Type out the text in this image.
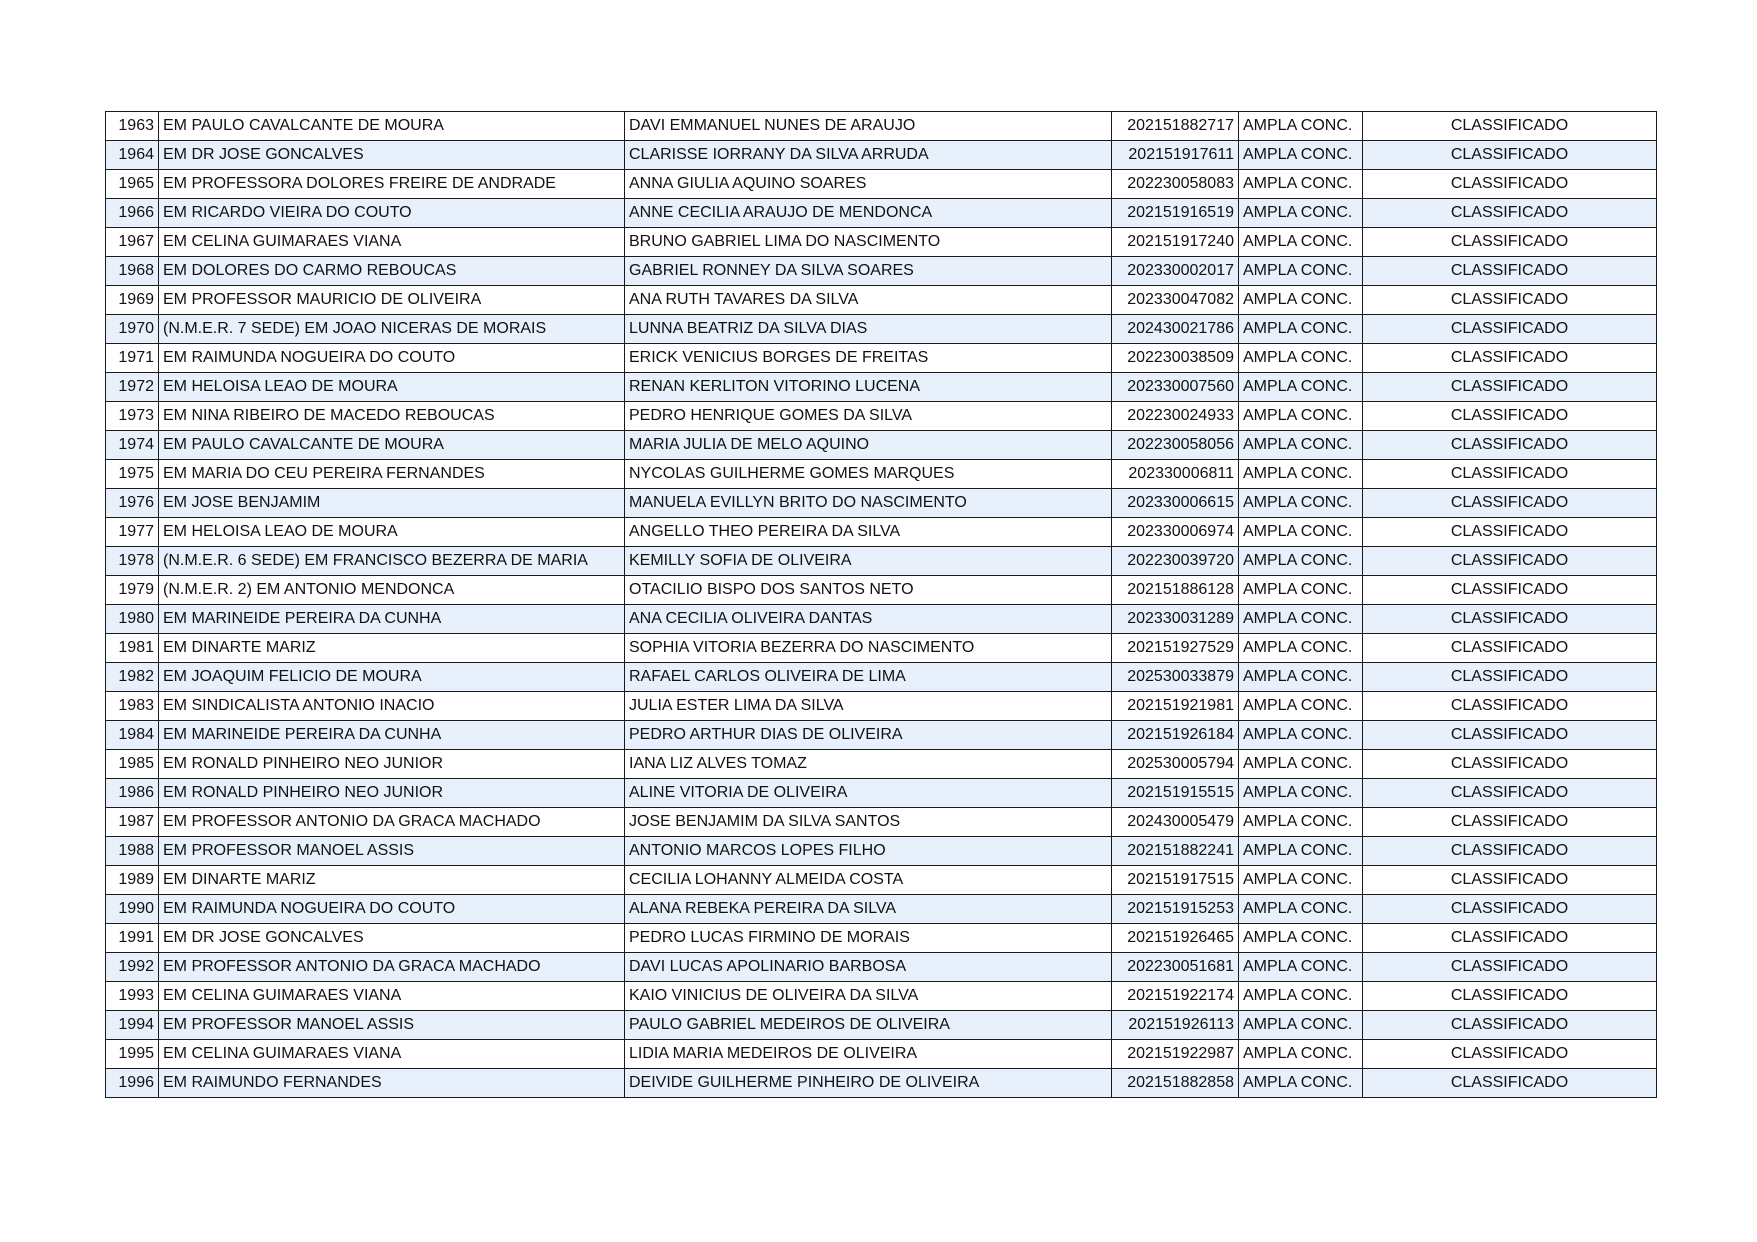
1963	EM PAULO CAVALCANTE DE MOURA	DAVI EMMANUEL NUNES DE ARAUJO	202151882717	AMPLA CONC.	CLASSIFICADO
1964	EM DR JOSE GONCALVES	CLARISSE IORRANY DA SILVA ARRUDA	202151917611	AMPLA CONC.	CLASSIFICADO
1965	EM PROFESSORA DOLORES FREIRE DE ANDRADE	ANNA GIULIA AQUINO SOARES	202230058083	AMPLA CONC.	CLASSIFICADO
1966	EM RICARDO VIEIRA DO COUTO	ANNE CECILIA ARAUJO DE MENDONCA	202151916519	AMPLA CONC.	CLASSIFICADO
1967	EM CELINA GUIMARAES VIANA	BRUNO GABRIEL LIMA DO NASCIMENTO	202151917240	AMPLA CONC.	CLASSIFICADO
1968	EM DOLORES DO CARMO REBOUCAS	GABRIEL RONNEY DA SILVA SOARES	202330002017	AMPLA CONC.	CLASSIFICADO
1969	EM PROFESSOR MAURICIO DE OLIVEIRA	ANA RUTH TAVARES DA SILVA	202330047082	AMPLA CONC.	CLASSIFICADO
1970	(N.M.E.R. 7 SEDE) EM JOAO NICERAS DE MORAIS	LUNNA BEATRIZ DA SILVA DIAS	202430021786	AMPLA CONC.	CLASSIFICADO
1971	EM RAIMUNDA NOGUEIRA DO COUTO	ERICK VENICIUS BORGES DE FREITAS	202230038509	AMPLA CONC.	CLASSIFICADO
1972	EM HELOISA LEAO DE MOURA	RENAN KERLITON VITORINO LUCENA	202330007560	AMPLA CONC.	CLASSIFICADO
1973	EM NINA RIBEIRO DE MACEDO REBOUCAS	PEDRO HENRIQUE GOMES DA SILVA	202230024933	AMPLA CONC.	CLASSIFICADO
1974	EM PAULO CAVALCANTE DE MOURA	MARIA JULIA DE MELO AQUINO	202230058056	AMPLA CONC.	CLASSIFICADO
1975	EM MARIA DO CEU PEREIRA FERNANDES	NYCOLAS GUILHERME GOMES MARQUES	202330006811	AMPLA CONC.	CLASSIFICADO
1976	EM JOSE BENJAMIM	MANUELA EVILLYN BRITO DO NASCIMENTO	202330006615	AMPLA CONC.	CLASSIFICADO
1977	EM HELOISA LEAO DE MOURA	ANGELLO THEO PEREIRA DA SILVA	202330006974	AMPLA CONC.	CLASSIFICADO
1978	(N.M.E.R. 6 SEDE) EM FRANCISCO BEZERRA DE MARIA	KEMILLY SOFIA DE OLIVEIRA	202230039720	AMPLA CONC.	CLASSIFICADO
1979	(N.M.E.R. 2) EM ANTONIO MENDONCA	OTACILIO BISPO DOS SANTOS NETO	202151886128	AMPLA CONC.	CLASSIFICADO
1980	EM MARINEIDE PEREIRA DA CUNHA	ANA CECILIA OLIVEIRA DANTAS	202330031289	AMPLA CONC.	CLASSIFICADO
1981	EM DINARTE MARIZ	SOPHIA VITORIA BEZERRA DO NASCIMENTO	202151927529	AMPLA CONC.	CLASSIFICADO
1982	EM JOAQUIM FELICIO DE MOURA	RAFAEL CARLOS OLIVEIRA DE LIMA	202530033879	AMPLA CONC.	CLASSIFICADO
1983	EM SINDICALISTA ANTONIO INACIO	JULIA ESTER LIMA DA SILVA	202151921981	AMPLA CONC.	CLASSIFICADO
1984	EM MARINEIDE PEREIRA DA CUNHA	PEDRO ARTHUR DIAS DE OLIVEIRA	202151926184	AMPLA CONC.	CLASSIFICADO
1985	EM RONALD PINHEIRO NEO JUNIOR	IANA LIZ ALVES TOMAZ	202530005794	AMPLA CONC.	CLASSIFICADO
1986	EM RONALD PINHEIRO NEO JUNIOR	ALINE VITORIA DE OLIVEIRA	202151915515	AMPLA CONC.	CLASSIFICADO
1987	EM PROFESSOR ANTONIO DA GRACA MACHADO	JOSE BENJAMIM DA SILVA SANTOS	202430005479	AMPLA CONC.	CLASSIFICADO
1988	EM PROFESSOR MANOEL ASSIS	ANTONIO MARCOS LOPES FILHO	202151882241	AMPLA CONC.	CLASSIFICADO
1989	EM DINARTE MARIZ	CECILIA LOHANNY ALMEIDA COSTA	202151917515	AMPLA CONC.	CLASSIFICADO
1990	EM RAIMUNDA NOGUEIRA DO COUTO	ALANA REBEKA PEREIRA DA SILVA	202151915253	AMPLA CONC.	CLASSIFICADO
1991	EM DR JOSE GONCALVES	PEDRO LUCAS FIRMINO DE MORAIS	202151926465	AMPLA CONC.	CLASSIFICADO
1992	EM PROFESSOR ANTONIO DA GRACA MACHADO	DAVI LUCAS APOLINARIO BARBOSA	202230051681	AMPLA CONC.	CLASSIFICADO
1993	EM CELINA GUIMARAES VIANA	KAIO VINICIUS DE OLIVEIRA DA SILVA	202151922174	AMPLA CONC.	CLASSIFICADO
1994	EM PROFESSOR MANOEL ASSIS	PAULO GABRIEL MEDEIROS DE OLIVEIRA	202151926113	AMPLA CONC.	CLASSIFICADO
1995	EM CELINA GUIMARAES VIANA	LIDIA MARIA MEDEIROS DE OLIVEIRA	202151922987	AMPLA CONC.	CLASSIFICADO
1996	EM RAIMUNDO FERNANDES	DEIVIDE GUILHERME PINHEIRO DE OLIVEIRA	202151882858	AMPLA CONC.	CLASSIFICADO
